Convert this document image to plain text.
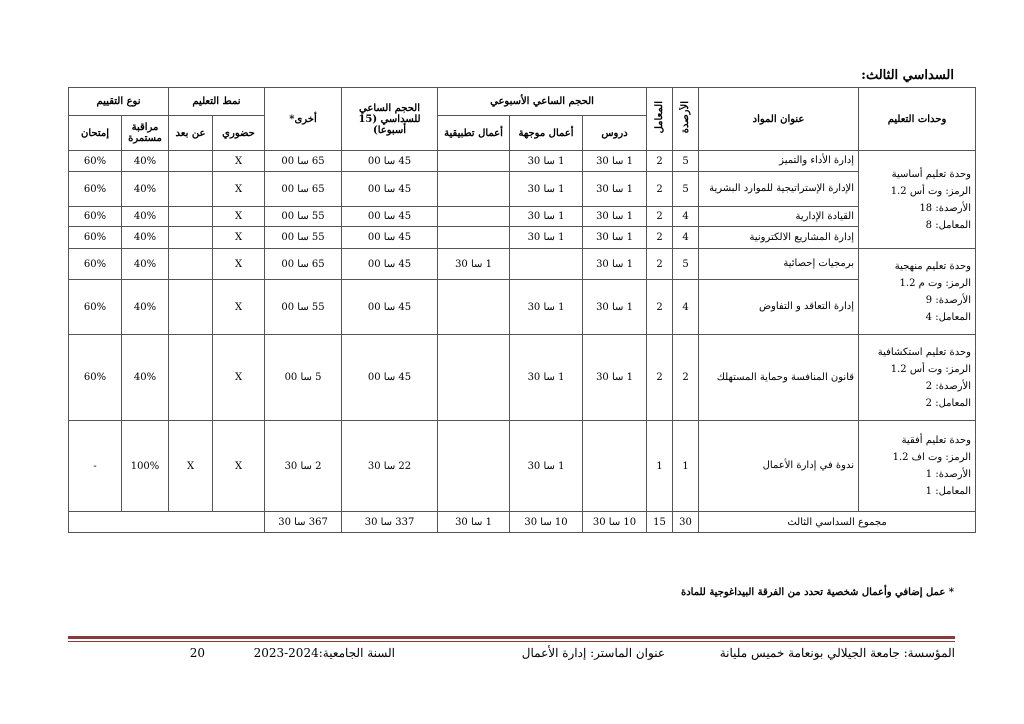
السداسي الثالث:
وحدات التعليم	عنوان المواد	الأرصدة	المعامل	الحجم الساعي الأسبوعي			الحجم الساعي للسداسي (15 أسبوعا)	أخرى*	نمط التعليم		نوع التقييم	
				دروس	أعمال موجهة	أعمال تطبيقية			حضوري	عن بعد	مراقبة مستمرة	إمتحان

وحدة تعليم أساسية
الرمز: وت أس 1.2
الأرصدة: 18
المعامل: 8	إدارة الأداء والتميز	5	2	1 سا 30	1 سا 30		45 سا 00	65 سا 00	X		40%	60%
	الإدارة الإستراتيجية للموارد البشرية	5	2	1 سا 30	1 سا 30		45 سا 00	65 سا 00	X		40%	60%
	القيادة الإدارية	4	2	1 سا 30	1 سا 30		45 سا 00	55 سا 00	X		40%	60%
	إدارة المشاريع الالكترونية	4	2	1 سا 30	1 سا 30		45 سا 00	55 سا 00	X		40%	60%

وحدة تعليم منهجية
الرمز: وت م 1.2
الأرصدة: 9
المعامل: 4	برمجيات إحصائية	5	2	1 سا 30		1 سا 30	45 سا 00	65 سا 00	X		40%	60%
	إدارة التعاقد و التفاوض	4	2	1 سا 30	1 سا 30		45 سا 00	55 سا 00	X		40%	60%

وحدة تعليم استكشافية
الرمز: وت أس 1.2
الأرصدة: 2
المعامل: 2	قانون المنافسة وحماية المستهلك	2	2	1 سا 30	1 سا 30		45 سا 00	5 سا 00	X		40%	60%

وحدة تعليم أفقية
الرمز: وت اف 1.2
الأرصدة: 1
المعامل: 1	ندوة في إدارة الأعمال	1	1		1 سا 30		22 سا 30	2 سا 30	X	X	100%	-
مجموع السداسي الثالث		30	15	10 سا 30	10 سا 30	1 سا 30	337 سا 30	367 سا 30				
* عمل إضافي وأعمال شخصية تحدد من الفرقة البيداغوجية للمادة
المؤسسة: جامعة الجيلالي بونعامة خميس مليانة
عنوان الماستر: إدارة الأعمال
السنة الجامعية:2024-2023
20
